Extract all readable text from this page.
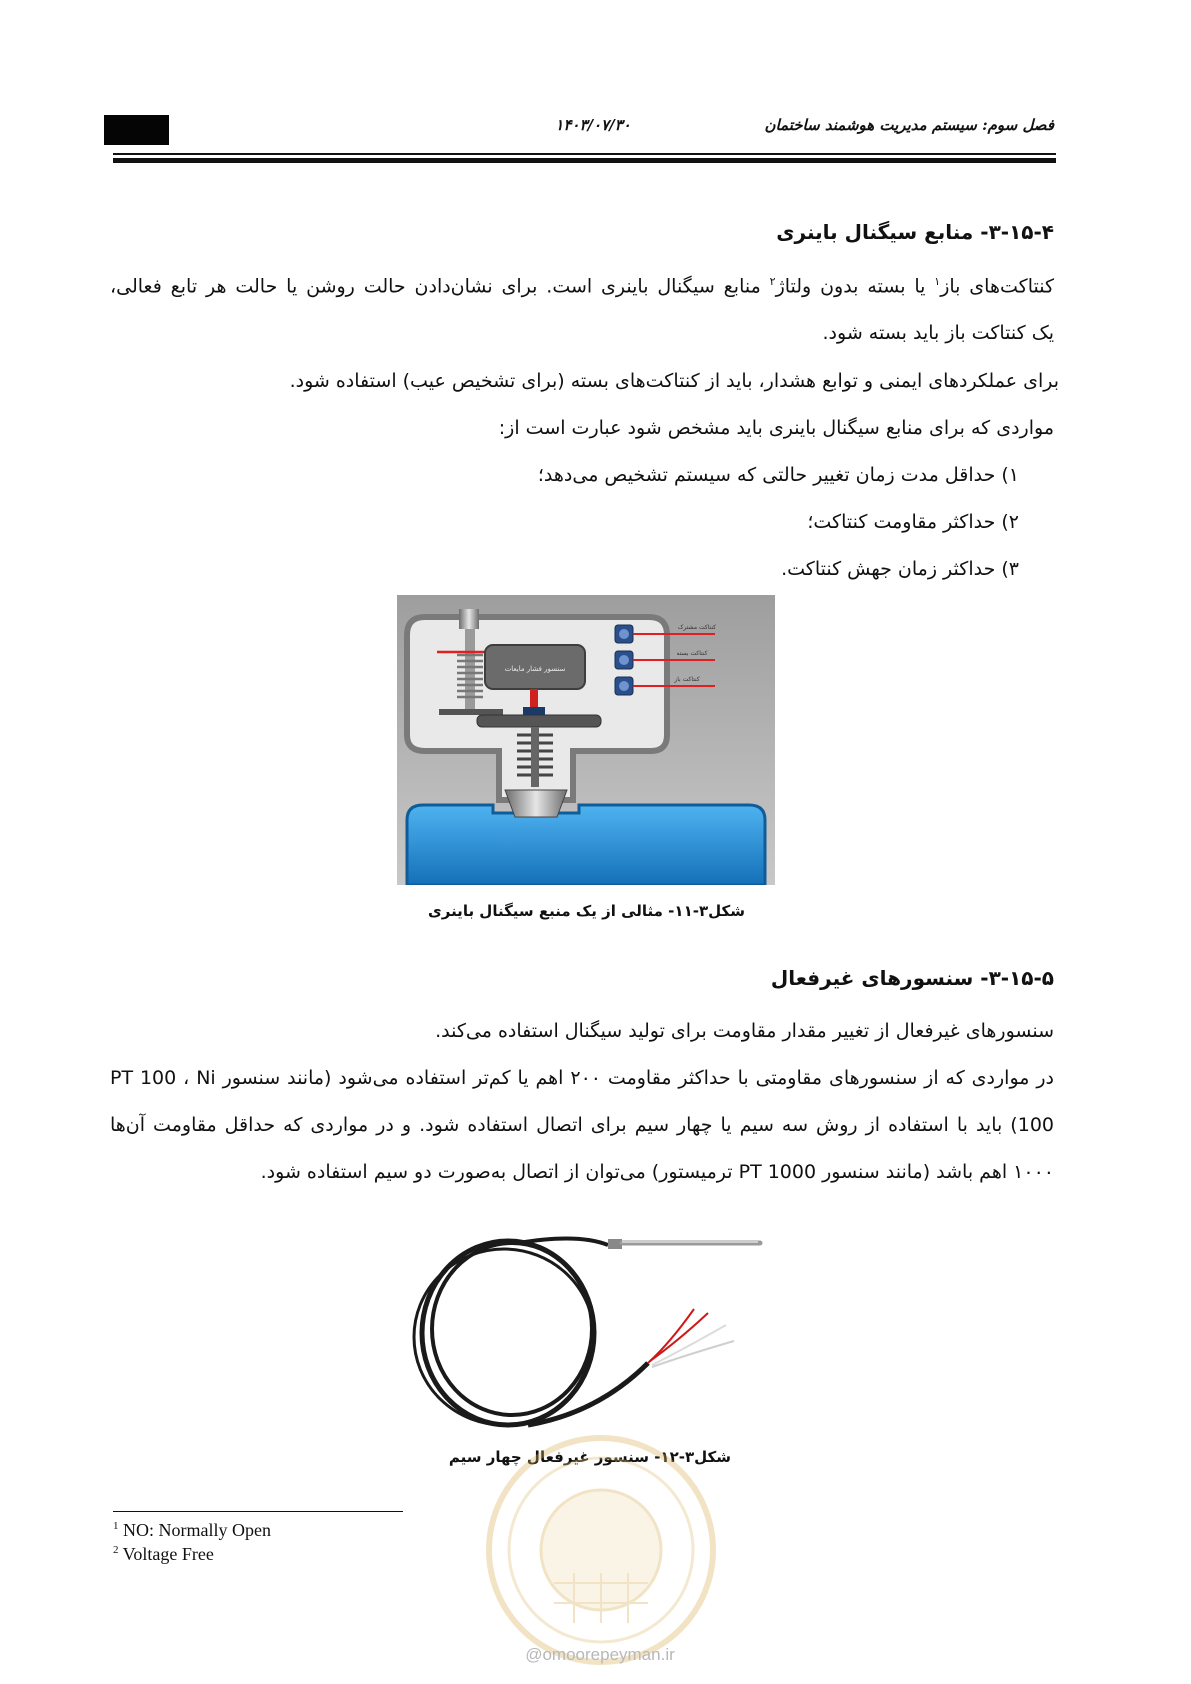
۱۴۰۳/۰۷/۳۰	فصل سوم: سیستم مدیریت هوشمند ساختمان
۳-۱۵-۴- منابع سیگنال باینری
کنتاکت‌های باز$^۱$ یا بسته بدون ولتاژ$^۲$ منابع سیگنال باینری است. برای نشان‌دادن حالت روشن یا حالت هر تابع فعالی،
یک کنتاکت باز باید بسته شود.
برای عملکردهای ایمنی و توابع هشدار، باید از کنتاکت‌های بسته (برای تشخیص عیب) استفاده شود.
مواردی که برای منابع سیگنال باینری باید مشخص شود عبارت است از:
۱) حداقل مدت زمان تغییر حالتی که سیستم تشخیص می‌دهد؛
۲) حداکثر مقاومت کنتاکت؛
۳) حداکثر زمان جهش کنتاکت.
سنسور فشار مایعات
کنتاکت مشترک
کنتاکت بسته
کنتاکت باز
شکل۳-۱۱- مثالی از یک منبع سیگنال باینری
۳-۱۵-۵- سنسورهای غیرفعال
سنسورهای غیرفعال از تغییر مقدار مقاومت برای تولید سیگنال استفاده می‌کند.
در مواردی که از سنسورهای مقاومتی با حداکثر مقاومت ۲۰۰ اهم یا کم‌تر استفاده می‌شود (مانند سنسور PT 100 ، Ni
100) باید با استفاده از روش سه سیم یا چهار سیم برای اتصال استفاده شود. و در مواردی که حداقل مقاومت آن‌ها
۱۰۰۰ اهم باشد (مانند سنسور PT 1000 ترمیستور) می‌توان از اتصال به‌صورت دو سیم استفاده شود.
شکل۳-۱۲- سنسور غیرفعال چهار سیم
@omoorepeyman.ir
$^1$ NO: Normally Open
$^2$ Voltage Free
